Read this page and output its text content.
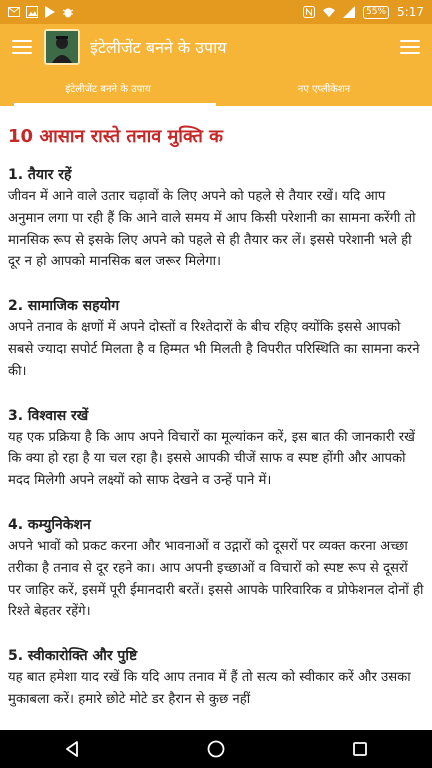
55% 5:17
इंटेलीजेंट बनने के उपाय
इंटेलीजेंट बनने के उपाय	नए एप्लीकेशन
10 आसान रास्ते तनाव मुक्ति क
1. तैयार रहें

जीवन में आने वाले उतार चढ़ावों के लिए अपने को पहले से तैयार रखें। यदि आप अनुमान लगा पा रही हैं कि आने वाले समय में आप किसी परेशानी का सामना करेंगी तो मानसिक रूप से इसके लिए अपने को पहले से ही तैयार कर लें। इससे परेशानी भले ही दूर न हो आपको मानसिक बल जरूर मिलेगा।

2. सामाजिक सहयोग

अपने तनाव के क्षणों में अपने दोस्तों व रिश्तेदारों के बीच रहिए क्योंकि इससे आपको सबसे ज्यादा सपोर्ट मिलता है व हिम्मत भी मिलती है विपरीत परिस्थिति का सामना करने की।

3. विश्वास रखें

यह एक प्रक्रिया है कि आप अपने विचारों का मूल्यांकन करें, इस बात की जानकारी रखें कि क्या हो रहा है या चल रहा है। इससे आपकी चीजें साफ व स्पष्ट होंगी और आपको मदद मिलेगी अपने लक्ष्यों को साफ देखने व उन्हें पाने में।

4. कम्युनिकेशन

अपने भावों को प्रकट करना और भावनाओं व उद्गारों को दूसरों पर व्यक्त करना अच्छा तरीका है तनाव से दूर रहने का। आप अपनी इच्छाओं व विचारों को स्पष्ट रूप से दूसरों पर जाहिर करें, इसमें पूरी ईमानदारी बरतें। इससे आपके पारिवारिक व प्रोफेशनल दोनों ही रिश्ते बेहतर रहेंगे।

5. स्वीकारोक्ति और पुष्टि

यह बात हमेशा याद रखें कि यदि आप तनाव में हैं तो सत्य को स्वीकार करें और उसका मुकाबला करें। हमारे छोटे मोटे डर हैरान से कुछ नहीं
